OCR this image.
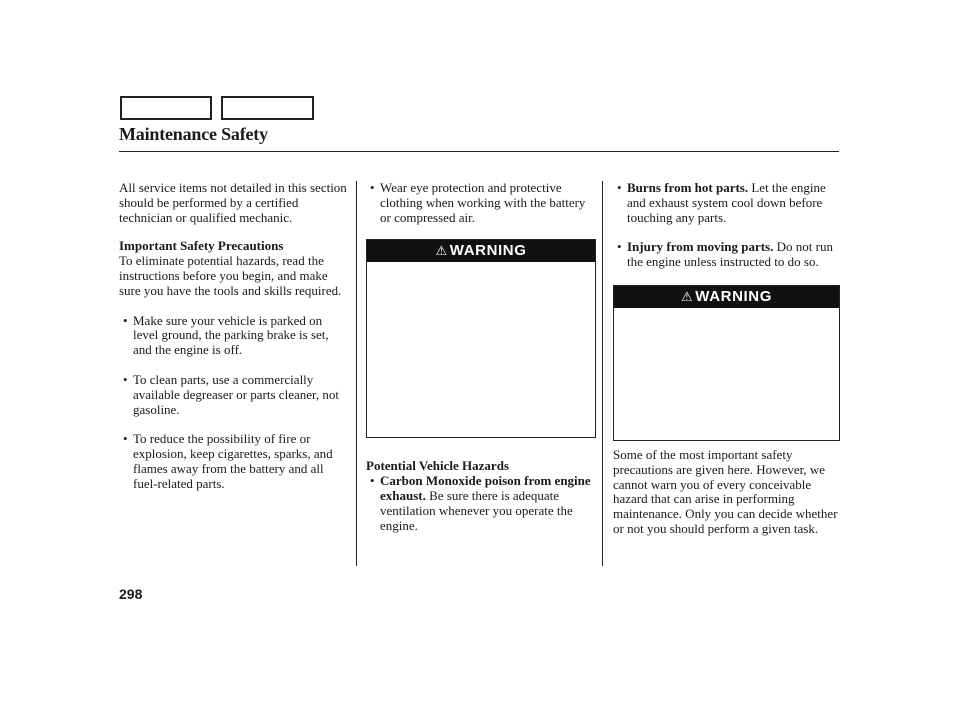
Maintenance Safety

All service items not detailed in this section should be performed by a certified technician or qualified mechanic.

Important Safety Precautions

To eliminate potential hazards, read the instructions before you begin, and make sure you have the tools and skills required.

• Make sure your vehicle is parked on level ground, the parking brake is set, and the engine is off.

• To clean parts, use a commercially available degreaser or parts cleaner, not gasoline.

• To reduce the possibility of fire or explosion, keep cigarettes, sparks, and flames away from the battery and all fuel-related parts.

• Wear eye protection and protective clothing when working with the battery or compressed air.

⚠ WARNING

Potential Vehicle Hazards

• Carbon Monoxide poison from engine exhaust. Be sure there is adequate ventilation whenever you operate the engine.

• Burns from hot parts. Let the engine and exhaust system cool down before touching any parts.

• Injury from moving parts. Do not run the engine unless instructed to do so.

⚠ WARNING

Some of the most important safety precautions are given here. However, we cannot warn you of every conceivable hazard that can arise in performing maintenance. Only you can decide whether or not you should perform a given task.

298
